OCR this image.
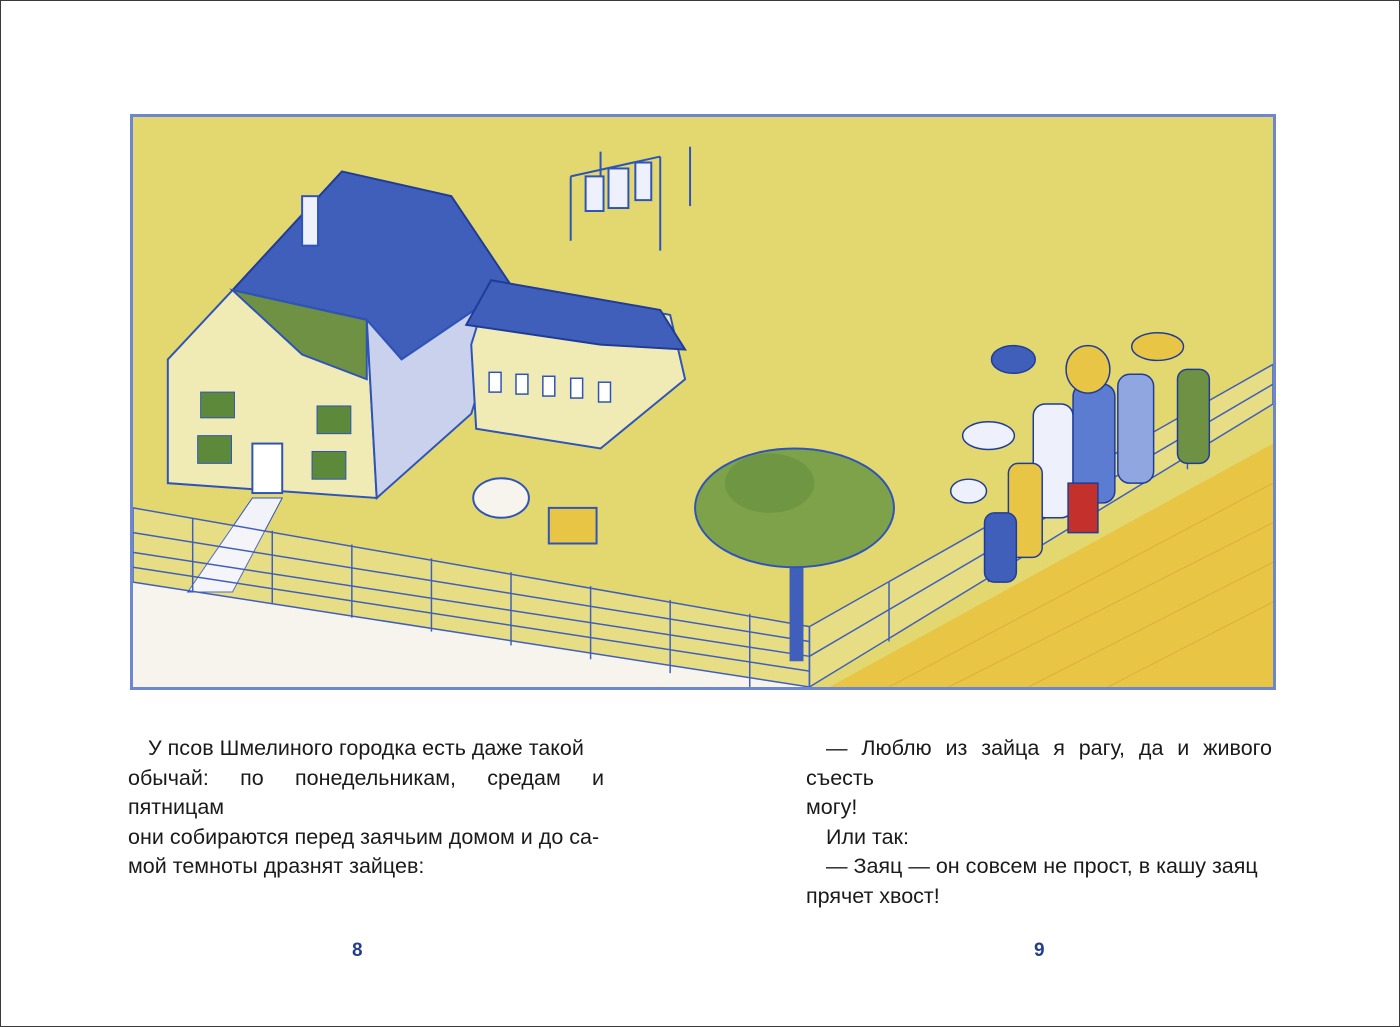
У псов Шмелиного городка есть даже такой

обычай: по понедельникам, средам и пятницам

они собираются перед заячьим домом и до са-

мой темноты дразнят зайцев:

— Люблю из зайца я рагу, да и живого съесть

могу!

Или так:

— Заяц — он совсем не прост, в кашу заяц

прячет хвост!

8	9
